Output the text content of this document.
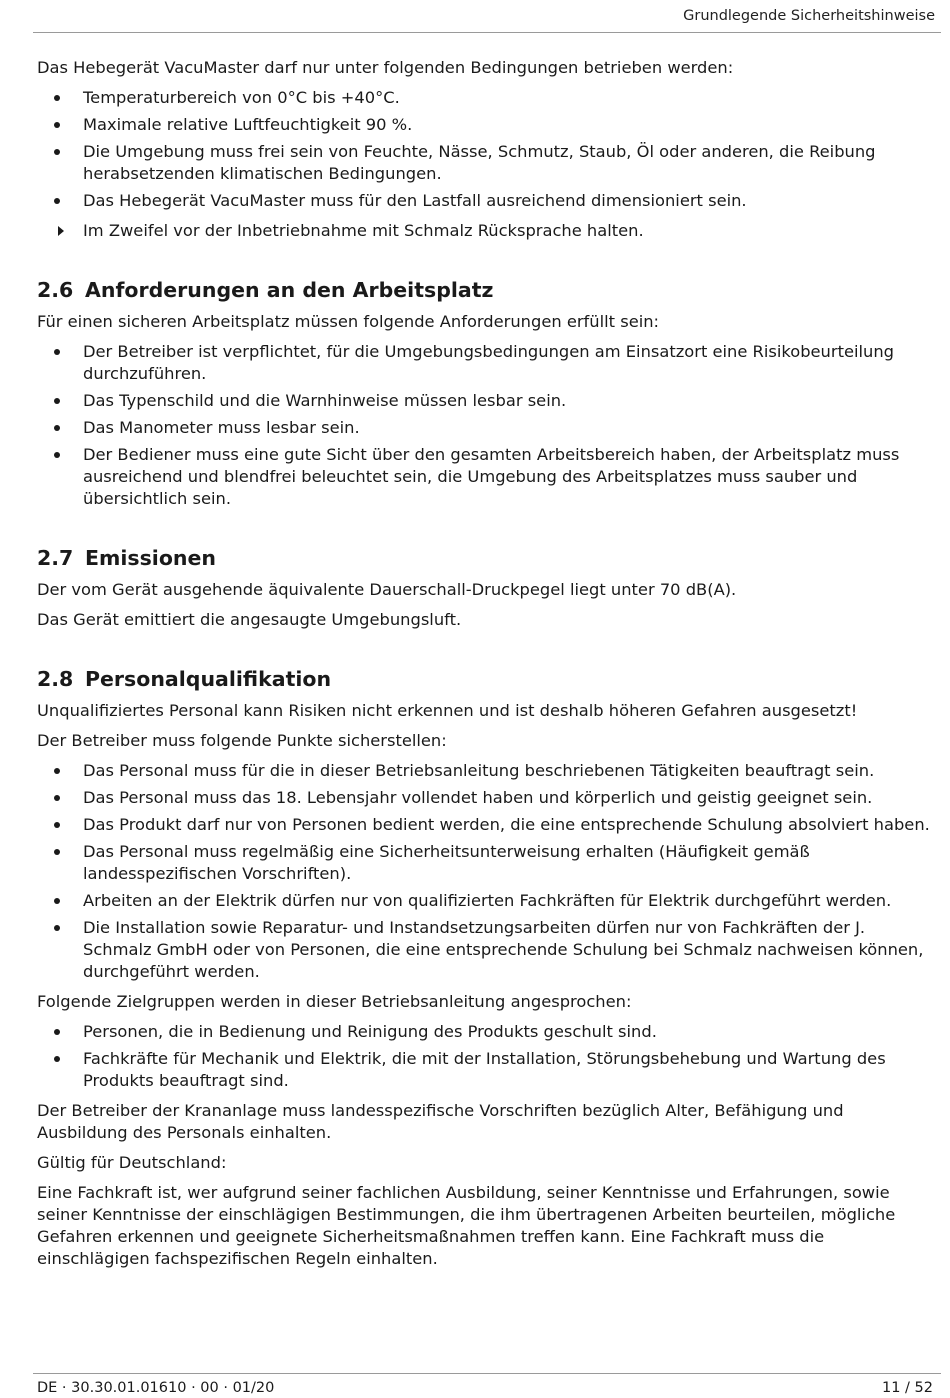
Grundlegende Sicherheitshinweise

Das Hebegerät VacuMaster darf nur unter folgenden Bedingungen betrieben werden:

Temperaturbereich von 0°C bis +40°C.
Maximale relative Luftfeuchtigkeit 90 %.
Die Umgebung muss frei sein von Feuchte, Nässe, Schmutz, Staub, Öl oder anderen, die Reibung herabsetzenden klimatischen Bedingungen.
Das Hebegerät VacuMaster muss für den Lastfall ausreichend dimensioniert sein.
Im Zweifel vor der Inbetriebnahme mit Schmalz Rücksprache halten.
2.6 Anforderungen an den Arbeitsplatz

Für einen sicheren Arbeitsplatz müssen folgende Anforderungen erfüllt sein:

Der Betreiber ist verpflichtet, für die Umgebungsbedingungen am Einsatzort eine Risikobeurteilung durchzuführen.
Das Typenschild und die Warnhinweise müssen lesbar sein.
Das Manometer muss lesbar sein.
Der Bediener muss eine gute Sicht über den gesamten Arbeitsbereich haben, der Arbeitsplatz muss ausreichend und blendfrei beleuchtet sein, die Umgebung des Arbeitsplatzes muss sauber und übersichtlich sein.
2.7 Emissionen

Der vom Gerät ausgehende äquivalente Dauerschall-Druckpegel liegt unter 70 dB(A).

Das Gerät emittiert die angesaugte Umgebungsluft.

2.8 Personalqualifikation

Unqualifiziertes Personal kann Risiken nicht erkennen und ist deshalb höheren Gefahren ausgesetzt!

Der Betreiber muss folgende Punkte sicherstellen:

Das Personal muss für die in dieser Betriebsanleitung beschriebenen Tätigkeiten beauftragt sein.
Das Personal muss das 18. Lebensjahr vollendet haben und körperlich und geistig geeignet sein.
Das Produkt darf nur von Personen bedient werden, die eine entsprechende Schulung absolviert haben.
Das Personal muss regelmäßig eine Sicherheitsunterweisung erhalten (Häufigkeit gemäß landesspezifischen Vorschriften).
Arbeiten an der Elektrik dürfen nur von qualifizierten Fachkräften für Elektrik durchgeführt werden.
Die Installation sowie Reparatur- und Instandsetzungsarbeiten dürfen nur von Fachkräften der J. Schmalz GmbH oder von Personen, die eine entsprechende Schulung bei Schmalz nachweisen können, durchgeführt werden.

Folgende Zielgruppen werden in dieser Betriebsanleitung angesprochen:

Personen, die in Bedienung und Reinigung des Produkts geschult sind.
Fachkräfte für Mechanik und Elektrik, die mit der Installation, Störungsbehebung und Wartung des Produkts beauftragt sind.

Der Betreiber der Krananlage muss landesspezifische Vorschriften bezüglich Alter, Befähigung und Ausbildung des Personals einhalten.

Gültig für Deutschland:

Eine Fachkraft ist, wer aufgrund seiner fachlichen Ausbildung, seiner Kenntnisse und Erfahrungen, sowie seiner Kenntnisse der einschlägigen Bestimmungen, die ihm übertragenen Arbeiten beurteilen, mögliche Gefahren erkennen und geeignete Sicherheitsmaßnahmen treffen kann. Eine Fachkraft muss die einschlägigen fachspezifischen Regeln einhalten.

DE · 30.30.01.01610 · 00 · 01/20	11 / 52
